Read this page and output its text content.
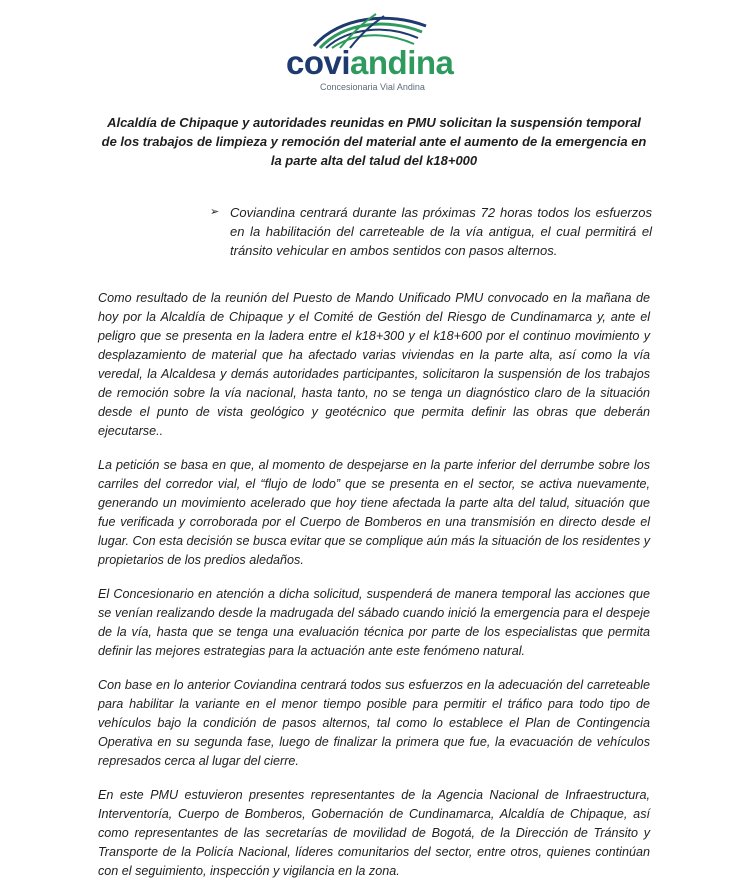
coviandina
Concesionaria Vial Andina

Alcaldía de Chipaque y autoridades reunidas en PMU solicitan la suspensión temporal de los trabajos de limpieza y remoción del material ante el aumento de la emergencia en la parte alta del talud del k18+000

➢ Coviandina centrará durante las próximas 72 horas todos los esfuerzos en la habilitación del carreteable de la vía antigua, el cual permitirá el tránsito vehicular en ambos sentidos con pasos alternos.

Como resultado de la reunión del Puesto de Mando Unificado PMU convocado en la mañana de hoy por la Alcaldía de Chipaque y el Comité de Gestión del Riesgo de Cundinamarca y, ante el peligro que se presenta en la ladera entre el k18+300 y el k18+600 por el continuo movimiento y desplazamiento de material que ha afectado varias viviendas en la parte alta, así como la vía veredal, la Alcaldesa y demás autoridades participantes, solicitaron la suspensión de los trabajos de remoción sobre la vía nacional, hasta tanto, no se tenga un diagnóstico claro de la situación desde el punto de vista geológico y geotécnico que permita definir las obras que deberán ejecutarse..

La petición se basa en que, al momento de despejarse en la parte inferior del derrumbe sobre los carriles del corredor vial, el “flujo de lodo” que se presenta en el sector, se activa nuevamente, generando un movimiento acelerado que hoy tiene afectada la parte alta del talud, situación que fue verificada y corroborada por el Cuerpo de Bomberos en una transmisión en directo desde el lugar. Con esta decisión se busca evitar que se complique aún más la situación de los residentes y propietarios de los predios aledaños.

El Concesionario en atención a dicha solicitud, suspenderá de manera temporal las acciones que se venían realizando desde la madrugada del sábado cuando inició la emergencia para el despeje de la vía, hasta que se tenga una evaluación técnica por parte de los especialistas que permita definir las mejores estrategias para la actuación ante este fenómeno natural.

Con base en lo anterior Coviandina centrará todos sus esfuerzos en la adecuación del carreteable para habilitar la variante en el menor tiempo posible para permitir el tráfico para todo tipo de vehículos bajo la condición de pasos alternos, tal como lo establece el Plan de Contingencia Operativa en su segunda fase, luego de finalizar la primera que fue, la evacuación de vehículos represados cerca al lugar del cierre.

En este PMU estuvieron presentes representantes de la Agencia Nacional de Infraestructura, Interventoría, Cuerpo de Bomberos, Gobernación de Cundinamarca, Alcaldía de Chipaque, así como representantes de las secretarías de movilidad de Bogotá, de la Dirección de Tránsito y Transporte de la Policía Nacional, líderes comunitarios del sector, entre otros, quienes continúan con el seguimiento, inspección y vigilancia en la zona.
